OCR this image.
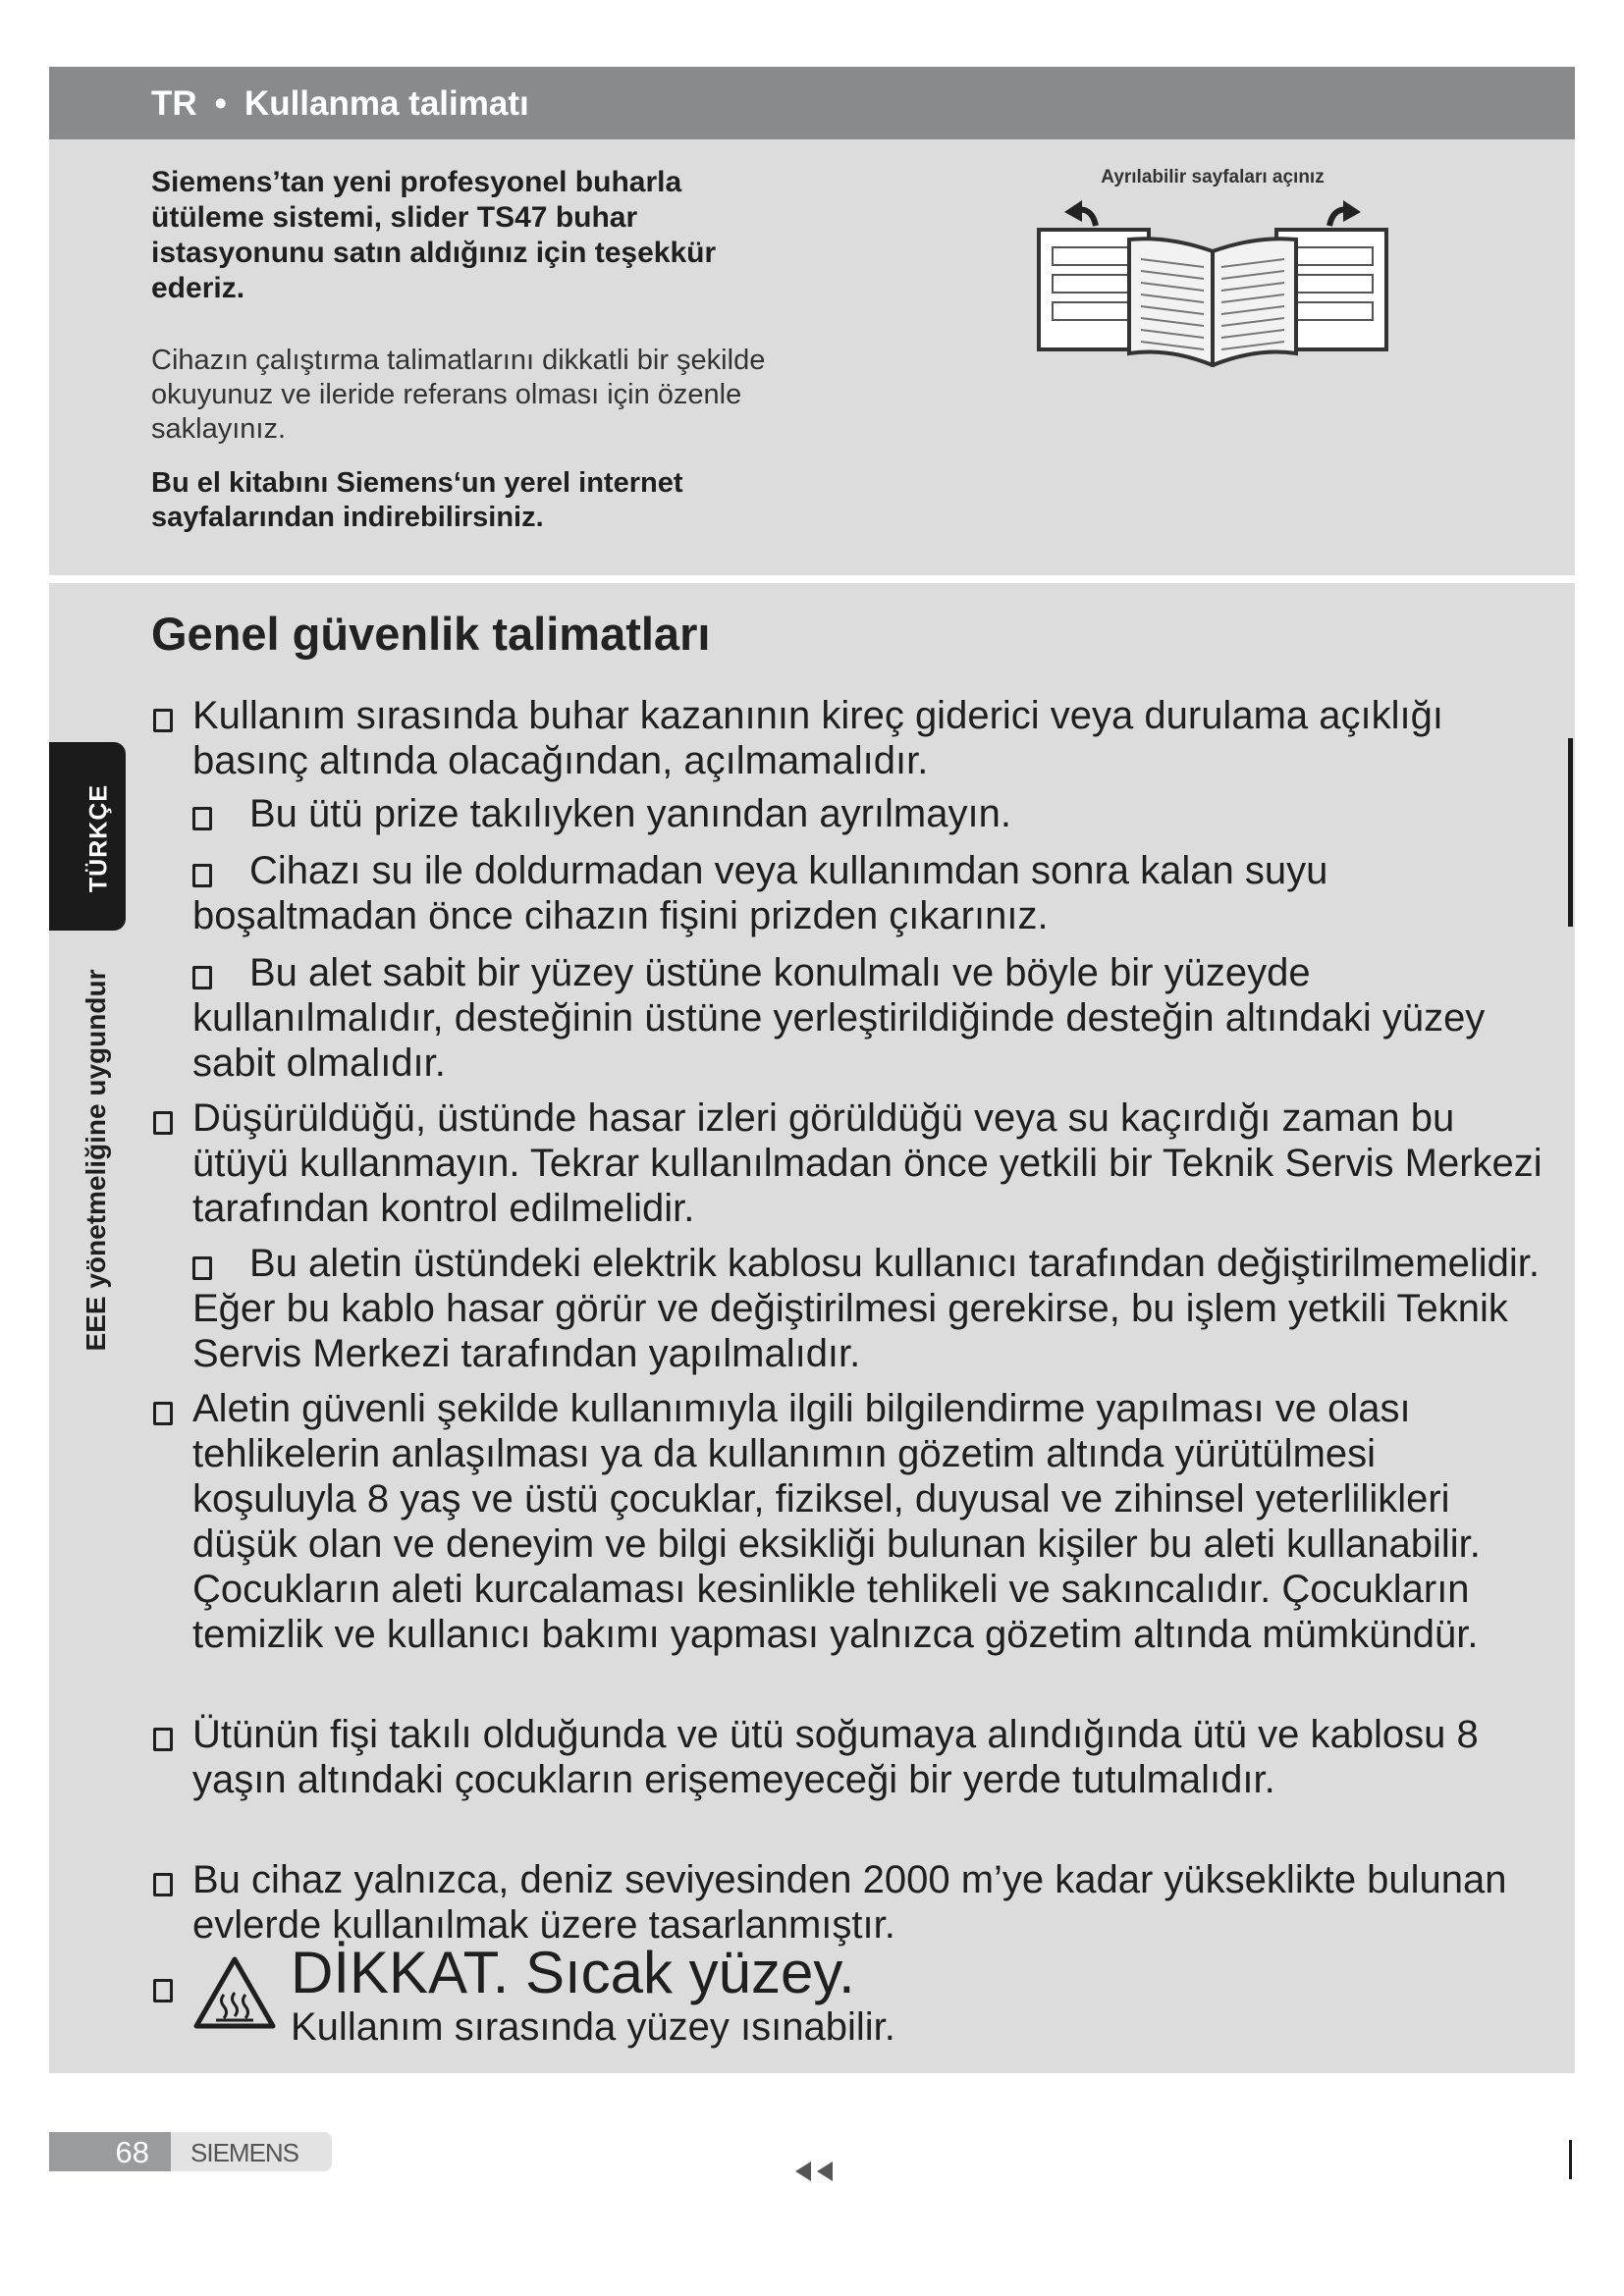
TR • Kullanma talimatı
Siemens’tan yeni profesyonel buharla ütüleme sistemi, slider TS47 buhar istasyonunu satın aldığınız için teşekkür ederiz.
Cihazın çalıştırma talimatlarını dikkatli bir şekilde okuyunuz ve ileride referans olması için özenle saklayınız.
Bu el kitabını Siemens‘un yerel internet sayfalarından indirebilirsiniz.
Ayrılabilir sayfaları açınız
Genel güvenlik talimatları
Kullanım sırasında buhar kazanının kireç giderici veya durulama açıklığı basınç altında olacağından, açılmamalıdır.
Bu ütü prize takılıyken yanından ayrılmayın.
Cihazı su ile doldurmadan veya kullanımdan sonra kalan suyu boşaltmadan önce cihazın fişini prizden çıkarınız.
Bu alet sabit bir yüzey üstüne konulmalı ve böyle bir yüzeyde kullanılmalıdır, desteğinin üstüne yerleştirildiğinde desteğin altındaki yüzey sabit olmalıdır.
Düşürüldüğü, üstünde hasar izleri görüldüğü veya su kaçırdığı zaman bu ütüyü kullanmayın. Tekrar kullanılmadan önce yetkili bir Teknik Servis Merkezi tarafından kontrol edilmelidir.
Bu aletin üstündeki elektrik kablosu kullanıcı tarafından değiştirilmemelidir. Eğer bu kablo hasar görür ve değiştirilmesi gerekirse, bu işlem yetkili Teknik Servis Merkezi tarafından yapılmalıdır.
Aletin güvenli şekilde kullanımıyla ilgili bilgilendirme yapılması ve olası tehlikelerin anlaşılması ya da kullanımın gözetim altında yürütülmesi koşuluyla 8 yaş ve üstü çocuklar, fiziksel, duyusal ve zihinsel yeterlilikleri düşük olan ve deneyim ve bilgi eksikliği bulunan kişiler bu aleti kullanabilir. Çocukların aleti kurcalaması kesinlikle tehlikeli ve sakıncalıdır. Çocukların temizlik ve kullanıcı bakımı yapması yalnızca gözetim altında mümkündür.
Ütünün fişi takılı olduğunda ve ütü soğumaya alındığında ütü ve kablosu 8 yaşın altındaki çocukların erişemeyeceği bir yerde tutulmalıdır.
Bu cihaz yalnızca, deniz seviyesinden 2000 m’ye kadar yükseklikte bulunan evlerde kullanılmak üzere tasarlanmıştır.
DİKKAT. Sıcak yüzey.
Kullanım sırasında yüzey ısınabilir.
TÜRKÇE
EEE yönetmeliğine uygundur
68 SIEMENS
